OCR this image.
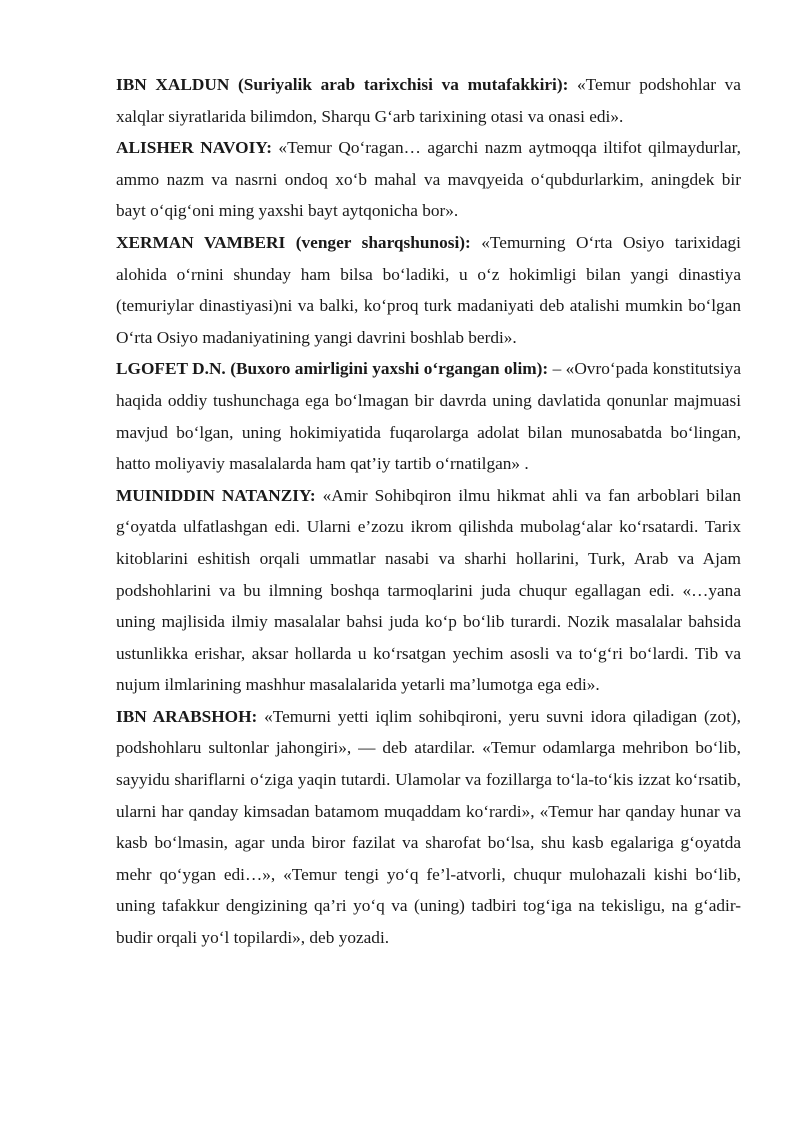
IBN XALDUN (Suriyalik arab tarixchisi va mutafakkiri): «Temur podshohlar va xalqlar siyratlarida bilimdon, Sharqu G‘arb tarixining otasi va onasi edi».

ALISHER NAVOIY: «Temur Qo‘ragan… agarchi nazm aytmoqqa iltifot qilmaydurlar, ammo nazm va nasrni ondoq xo‘b mahal va mavqyeida o‘qubdurlarkim, aningdek bir bayt o‘qig‘oni ming yaxshi bayt aytqonicha bor».

XERMAN VAMBERI (venger sharqshunosi): «Temurning O‘rta Osiyo tarixidagi alohida o‘rnini shunday ham bilsa bo‘ladiki, u o‘z hokimligi bilan yangi dinastiya (temuriylar dinastiyasi)ni va balki, ko‘proq turk madaniyati deb atalishi mumkin bo‘lgan O‘rta Osiyo madaniyatining yangi davrini boshlab berdi».

LGOFET D.N. (Buxoro amirligini yaxshi o‘rgangan olim): – «Ovro‘pada konstitutsiya haqida oddiy tushunchaga ega bo‘lmagan bir davrda uning davlatida qonunlar majmuasi mavjud bo‘lgan, uning hokimiyatida fuqarolarga adolat bilan munosabatda bo‘lingan, hatto moliyaviy masalalarda ham qat’iy tartib o‘rnatilgan» .

MUINIDDIN NATANZIY: «Amir Sohibqiron ilmu hikmat ahli va fan arboblari bilan g‘oyatda ulfatlashgan edi. Ularni e’zozu ikrom qilishda mubolag‘alar ko‘rsatardi. Tarix kitoblarini eshitish orqali ummatlar nasabi va sharhi hollarini, Turk, Arab va Ajam podshohlarini va bu ilmning boshqa tarmoqlarini juda chuqur egallagan edi. «…yana uning majlisida ilmiy masalalar bahsi juda ko‘p bo‘lib turardi. Nozik masalalar bahsida ustunlikka erishar, aksar hollarda u ko‘rsatgan yechim asosli va to‘g‘ri bo‘lardi. Tib va nujum ilmlarining mashhur masalalarida yetarli ma’lumotga ega edi».

IBN ARABSHOH: «Temurni yetti iqlim sohibqironi, yeru suvni idora qiladigan (zot), podshohlaru sultonlar jahongiri», — deb atardilar. «Temur odamlarga mehribon bo‘lib, sayyidu shariflarni o‘ziga yaqin tutardi. Ulamolar va fozillarga to‘la-to‘kis izzat ko‘rsatib, ularni har qanday kimsadan batamom muqaddam ko‘rardi», «Temur har qanday hunar va kasb bo‘lmasin, agar unda biror fazilat va sharofat bo‘lsa, shu kasb egalariga g‘oyatda mehr qo‘ygan edi…», «Temur tengi yo‘q fe’l-atvorli, chuqur mulohazali kishi bo‘lib, uning tafakkur dengizining qa’ri yo‘q va (uning) tadbiri tog‘iga na tekisligu, na g‘adir-budir orqali yo‘l topilardi», deb yozadi.
